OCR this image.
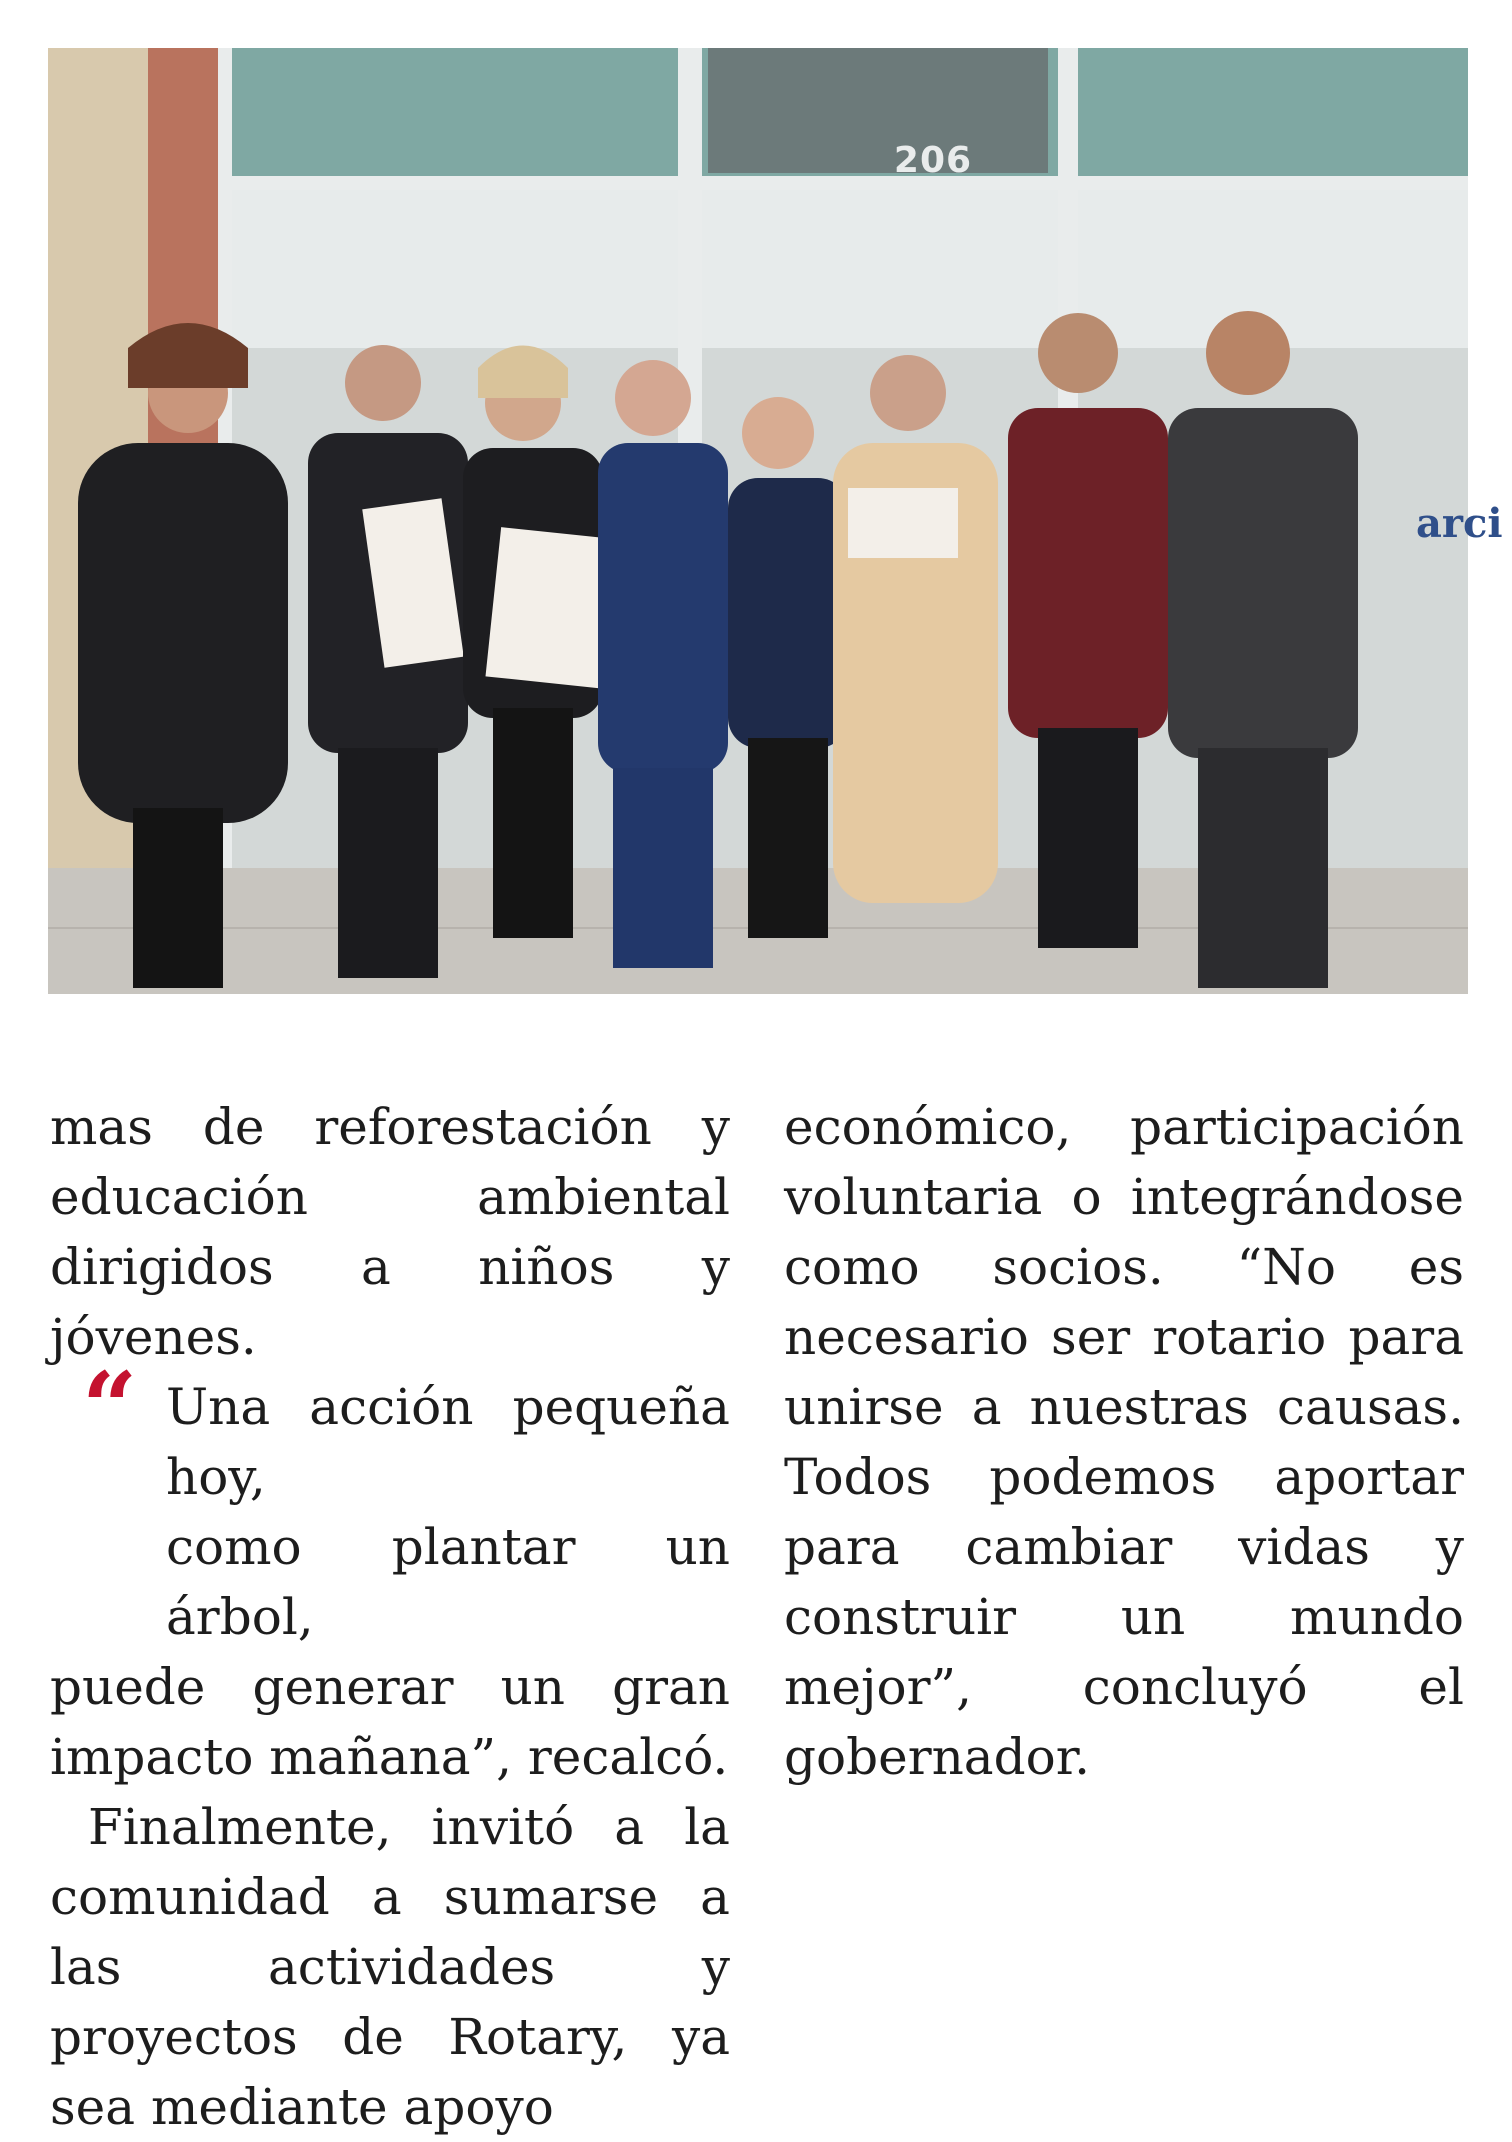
206
arci

mas de reforestación y educación ambiental dirigidos a niños y jóvenes.

“ Una acción pequeña hoy,
como plantar un árbol,

puede generar un gran impacto mañana”, recalcó.

Finalmente, invitó a la comunidad a sumarse a las actividades y proyectos de Rotary, ya sea mediante apoyo

económico, participación voluntaria o integrándose como socios. “No es necesario ser rotario para unirse a nuestras causas. Todos podemos aportar para cambiar vidas y construir un mundo mejor”, concluyó el gobernador.
